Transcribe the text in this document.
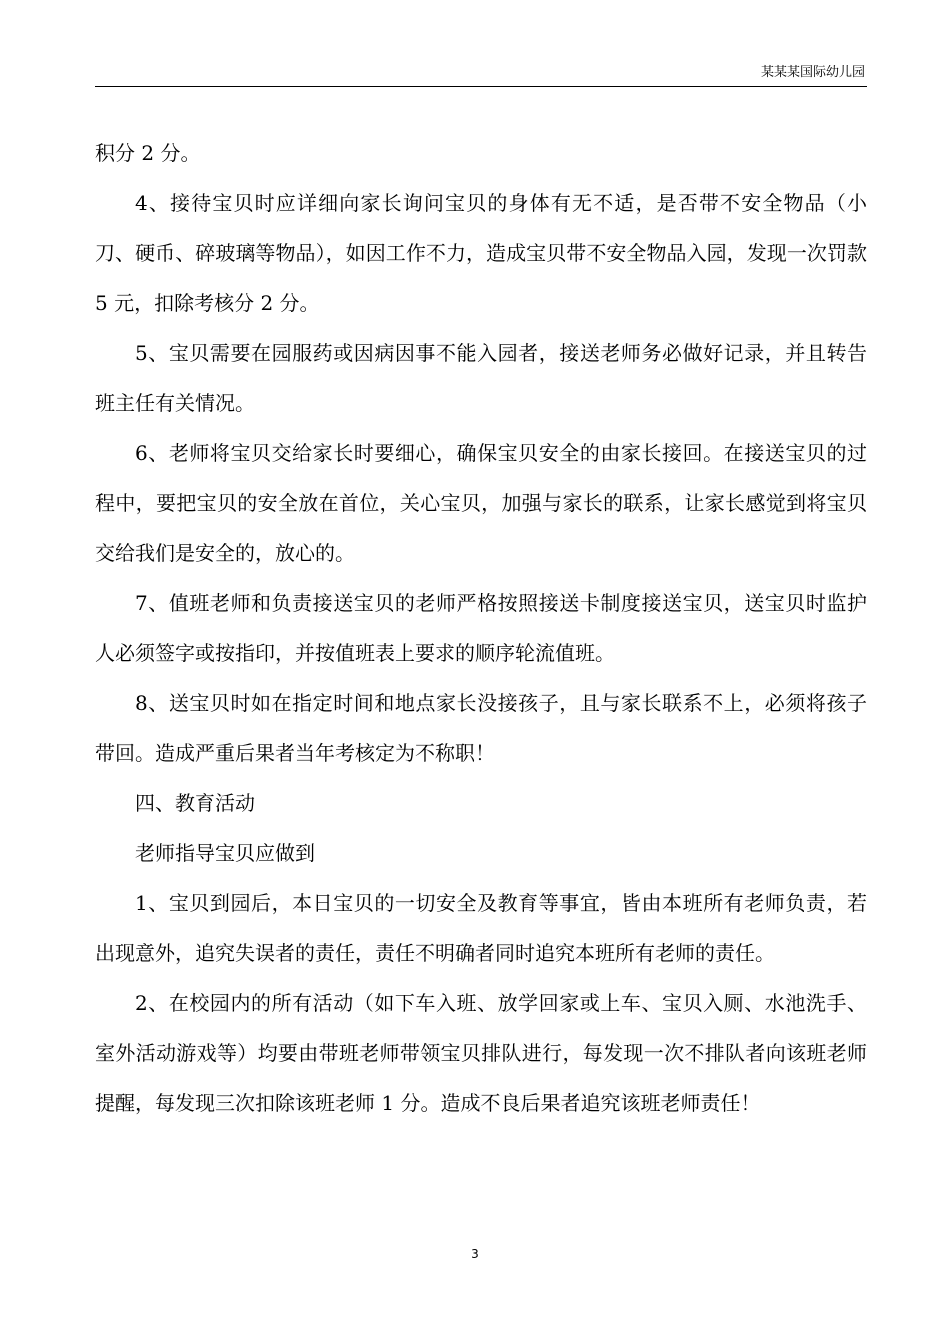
某某某国际幼儿园

积分 2 分。

4、接待宝贝时应详细向家长询问宝贝的身体有无不适，是否带不安全物品（小刀、硬币、碎玻璃等物品），如因工作不力，造成宝贝带不安全物品入园，发现一次罚款 5 元，扣除考核分 2 分。

5、宝贝需要在园服药或因病因事不能入园者，接送老师务必做好记录，并且转告班主任有关情况。

6、老师将宝贝交给家长时要细心，确保宝贝安全的由家长接回。在接送宝贝的过程中，要把宝贝的安全放在首位，关心宝贝，加强与家长的联系，让家长感觉到将宝贝交给我们是安全的，放心的。

7、值班老师和负责接送宝贝的老师严格按照接送卡制度接送宝贝，送宝贝时监护人必须签字或按指印，并按值班表上要求的顺序轮流值班。

8、送宝贝时如在指定时间和地点家长没接孩子，且与家长联系不上，必须将孩子带回。造成严重后果者当年考核定为不称职！

四、教育活动

老师指导宝贝应做到

1、宝贝到园后，本日宝贝的一切安全及教育等事宜，皆由本班所有老师负责，若出现意外，追究失误者的责任，责任不明确者同时追究本班所有老师的责任。

2、在校园内的所有活动（如下车入班、放学回家或上车、宝贝入厕、水池洗手、室外活动游戏等）均要由带班老师带领宝贝排队进行，每发现一次不排队者向该班老师提醒，每发现三次扣除该班老师 1 分。造成不良后果者追究该班老师责任！

3
